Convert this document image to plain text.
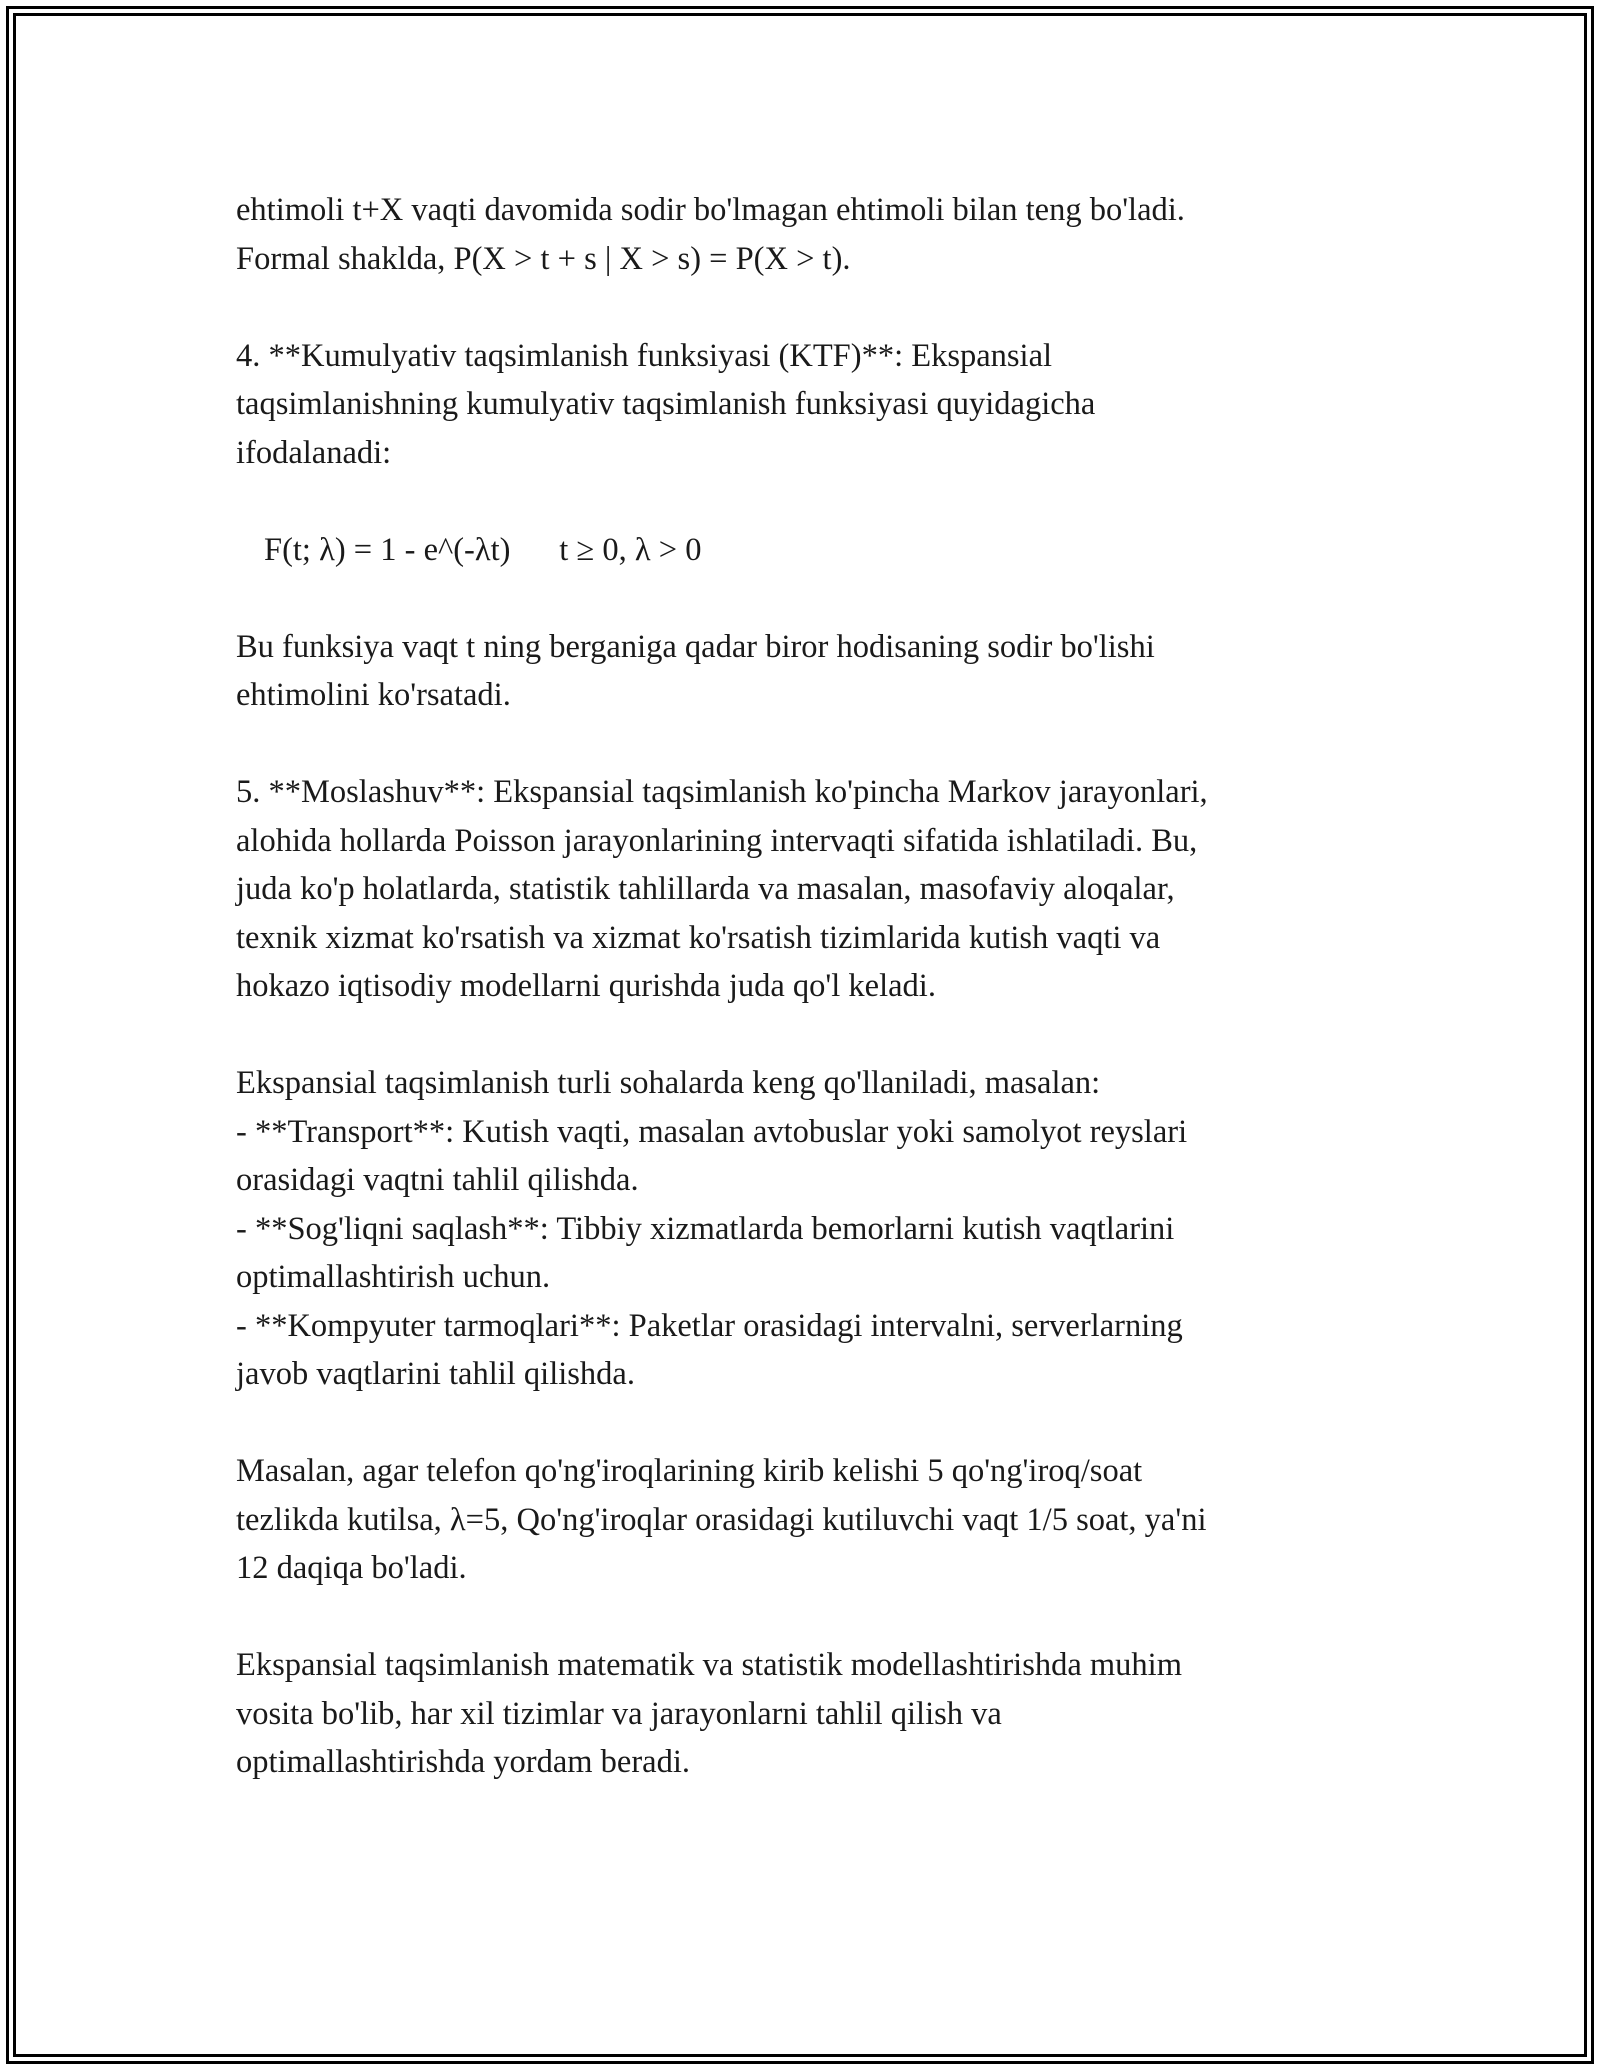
ehtimoli t+X vaqti davomida sodir bo'lmagan ehtimoli bilan teng bo'ladi.
Formal shaklda, P(X > t + s | X > s) = P(X > t).
4. **Kumulyativ taqsimlanish funksiyasi (KTF)**: Ekspansial
taqsimlanishning kumulyativ taqsimlanish funksiyasi quyidagicha
ifodalanadi:
F(t; λ) = 1 - e^(-λt)      t ≥ 0, λ > 0
Bu funksiya vaqt t ning berganiga qadar biror hodisaning sodir bo'lishi
ehtimolini ko'rsatadi.
5. **Moslashuv**: Ekspansial taqsimlanish ko'pincha Markov jarayonlari,
alohida hollarda Poisson jarayonlarining intervaqti sifatida ishlatiladi. Bu,
juda ko'p holatlarda, statistik tahlillarda va masalan, masofaviy aloqalar,
texnik xizmat ko'rsatish va xizmat ko'rsatish tizimlarida kutish vaqti va
hokazo iqtisodiy modellarni qurishda juda qo'l keladi.
Ekspansial taqsimlanish turli sohalarda keng qo'llaniladi, masalan:
- **Transport**: Kutish vaqti, masalan avtobuslar yoki samolyot reyslari
orasidagi vaqtni tahlil qilishda.
- **Sog'liqni saqlash**: Tibbiy xizmatlarda bemorlarni kutish vaqtlarini
optimallashtirish uchun.
- **Kompyuter tarmoqlari**: Paketlar orasidagi intervalni, serverlarning
javob vaqtlarini tahlil qilishda.
Masalan, agar telefon qo'ng'iroqlarining kirib kelishi 5 qo'ng'iroq/soat
tezlikda kutilsa, λ=5, Qo'ng'iroqlar orasidagi kutiluvchi vaqt 1/5 soat, ya'ni
12 daqiqa bo'ladi.
Ekspansial taqsimlanish matematik va statistik modellashtirishda muhim
vosita bo'lib, har xil tizimlar va jarayonlarni tahlil qilish va
optimallashtirishda yordam beradi.
